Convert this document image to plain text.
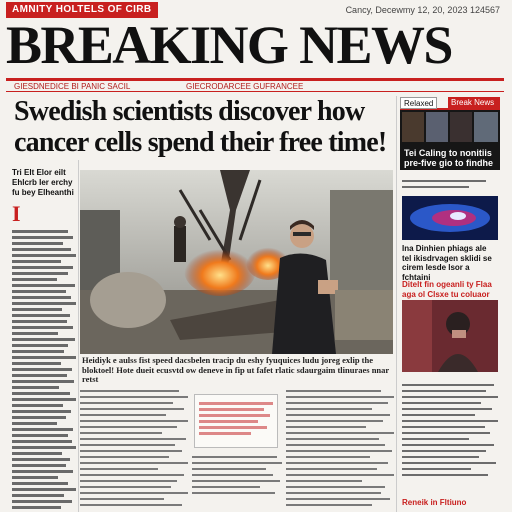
AMNITY HOLTELS OF CIRB	Cancy, Decewmy 12, 20, 2023 124567
BREAKING NEWS
GIESDNEDICE BI PANIC SACIL	GIECRODARCEE GUFRANCEE
Swedish scientists discover how
cancer cells spend their free time!
Tri Elt Elor eilt Ehlcrb Ier erchy fu bey Elheanthi
I
Heidiyk e aulss fist speed dacsbelen tracip du eshy fyuquices ludu joreg exlip the bloktoel! Hote dueit ecusvtd ow deneve in fip ut fafet rlatic sdaurgaim tlinuraes nnar retst
Relaxed	Break News
Tei Caling to nonitiis pre-five gio to findhe
Ina Dinhien phiags ale tel ikisdrvagen sklidi se cirem lesde lsor a fchtaini
Ditelt fin ogeanli ty Flaa aga ol Clsxe tu coluaor
Reneik in Fltiuno
